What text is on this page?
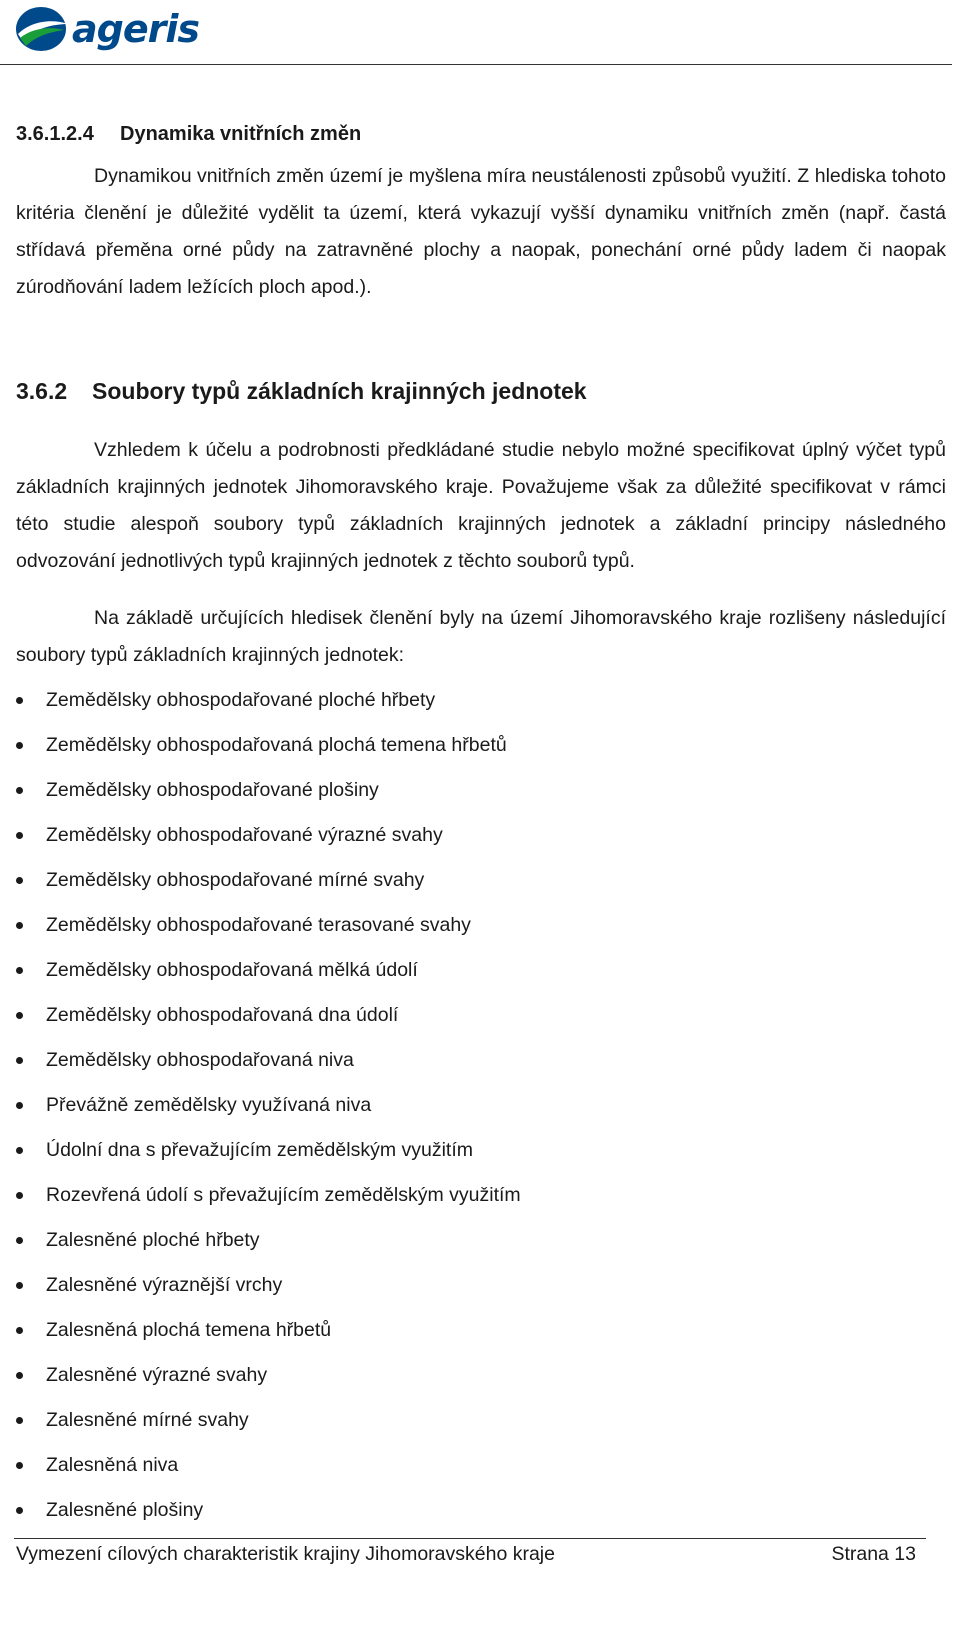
ageris
3.6.1.2.4 Dynamika vnitřních změn

Dynamikou vnitřních změn území je myšlena míra neustálenosti způsobů využití. Z hlediska tohoto kritéria členění je důležité vydělit ta území, která vykazují vyšší dynamiku vnitřních změn (např. častá střídavá přeměna orné půdy na zatravněné plochy a naopak, ponechání orné půdy ladem či naopak zúrodňování ladem ležících ploch apod.).

3.6.2 Soubory typů základních krajinných jednotek

Vzhledem k účelu a podrobnosti předkládané studie nebylo možné specifikovat úplný výčet typů základních krajinných jednotek Jihomoravského kraje. Považujeme však za důležité specifikovat v rámci této studie alespoň soubory typů základních krajinných jednotek a základní principy následného odvozování jednotlivých typů krajinných jednotek z těchto souborů typů.

Na základě určujících hledisek členění byly na území Jihomoravského kraje rozlišeny následující soubory typů základních krajinných jednotek:

Zemědělsky obhospodařované ploché hřbety
Zemědělsky obhospodařovaná plochá temena hřbetů
Zemědělsky obhospodařované plošiny
Zemědělsky obhospodařované výrazné svahy
Zemědělsky obhospodařované mírné svahy
Zemědělsky obhospodařované terasované svahy
Zemědělsky obhospodařovaná mělká údolí
Zemědělsky obhospodařovaná dna údolí
Zemědělsky obhospodařovaná niva
Převážně zemědělsky využívaná niva
Údolní dna s převažujícím zemědělským využitím
Rozevřená údolí s převažujícím zemědělským využitím
Zalesněné ploché hřbety
Zalesněné výraznější vrchy
Zalesněná plochá temena hřbetů
Zalesněné výrazné svahy
Zalesněné mírné svahy
Zalesněná niva
Zalesněné plošiny
Vymezení cílových charakteristik krajiny Jihomoravského kraje	Strana 13
